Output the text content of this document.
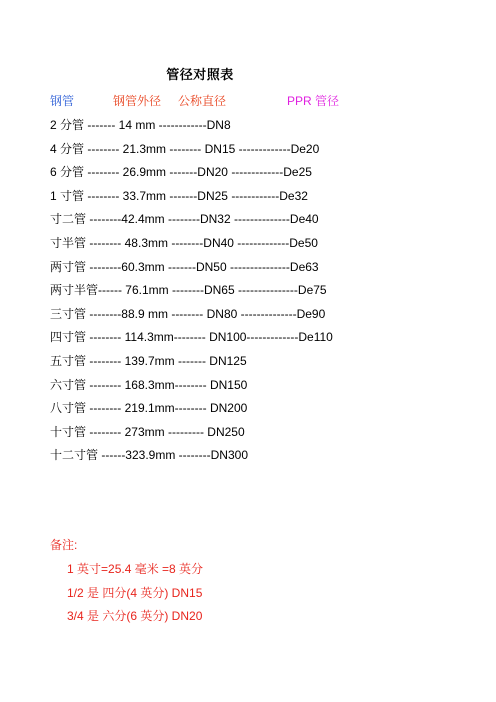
管径对照表
钢管	钢管外径 公称直径	PPR 管径
2 分管 ------- 14 mm ------------DN8
4 分管 -------- 21.3mm -------- DN15 -------------De20
6 分管 -------- 26.9mm -------DN20 -------------De25
1 寸管 -------- 33.7mm -------DN25 ------------De32
寸二管 --------42.4mm --------DN32 --------------De40
寸半管 -------- 48.3mm --------DN40 -------------De50
两寸管 --------60.3mm -------DN50 ---------------De63
两寸半管------ 76.1mm --------DN65 ---------------De75
三寸管 --------88.9 mm -------- DN80 --------------De90
四寸管 -------- 114.3mm-------- DN100-------------De110
五寸管 -------- 139.7mm ------- DN125
六寸管 -------- 168.3mm-------- DN150
八寸管 -------- 219.1mm-------- DN200
十寸管 -------- 273mm --------- DN250
十二寸管 ------323.9mm --------DN300
备注:
1 英寸=25.4 毫米 =8 英分
1/2 是 四分(4 英分) DN15
3/4 是 六分(6 英分) DN20
